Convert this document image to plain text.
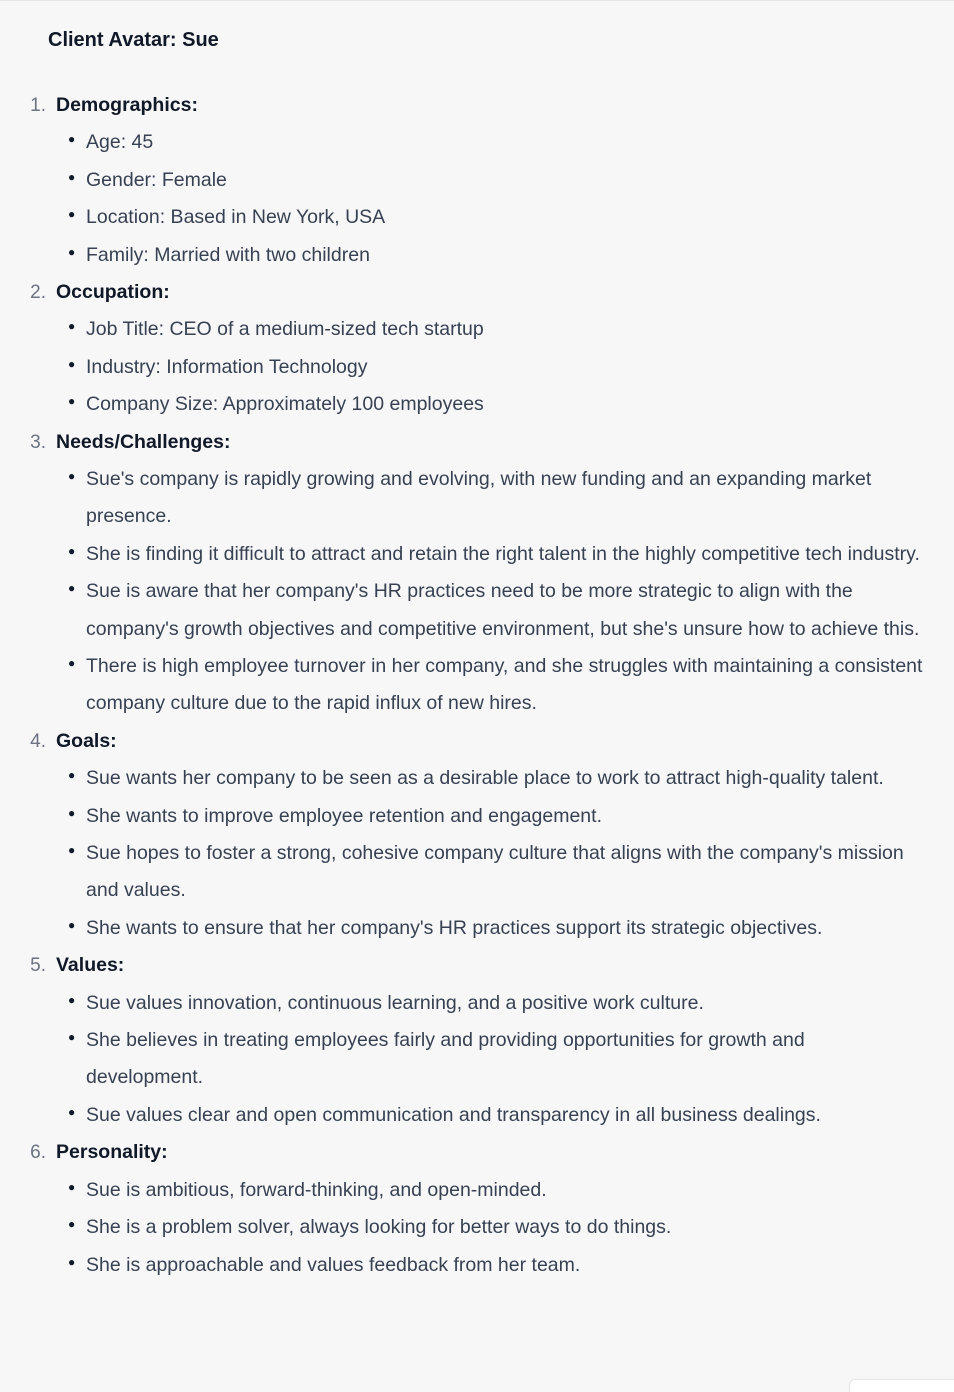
Client Avatar: Sue
1. Demographics:
● Age: 45
● Gender: Female
● Location: Based in New York, USA
● Family: Married with two children
2. Occupation:
● Job Title: CEO of a medium-sized tech startup
● Industry: Information Technology
● Company Size: Approximately 100 employees
3. Needs/Challenges:
● Sue's company is rapidly growing and evolving, with new funding and an expanding market presence.
● She is finding it difficult to attract and retain the right talent in the highly competitive tech industry.
● Sue is aware that her company's HR practices need to be more strategic to align with the company's growth objectives and competitive environment, but she's unsure how to achieve this.
● There is high employee turnover in her company, and she struggles with maintaining a consistent company culture due to the rapid influx of new hires.
4. Goals:
● Sue wants her company to be seen as a desirable place to work to attract high-quality talent.
● She wants to improve employee retention and engagement.
● Sue hopes to foster a strong, cohesive company culture that aligns with the company's mission and values.
● She wants to ensure that her company's HR practices support its strategic objectives.
5. Values:
● Sue values innovation, continuous learning, and a positive work culture.
● She believes in treating employees fairly and providing opportunities for growth and development.
● Sue values clear and open communication and transparency in all business dealings.
6. Personality:
● Sue is ambitious, forward-thinking, and open-minded.
● She is a problem solver, always looking for better ways to do things.
● She is approachable and values feedback from her team.
